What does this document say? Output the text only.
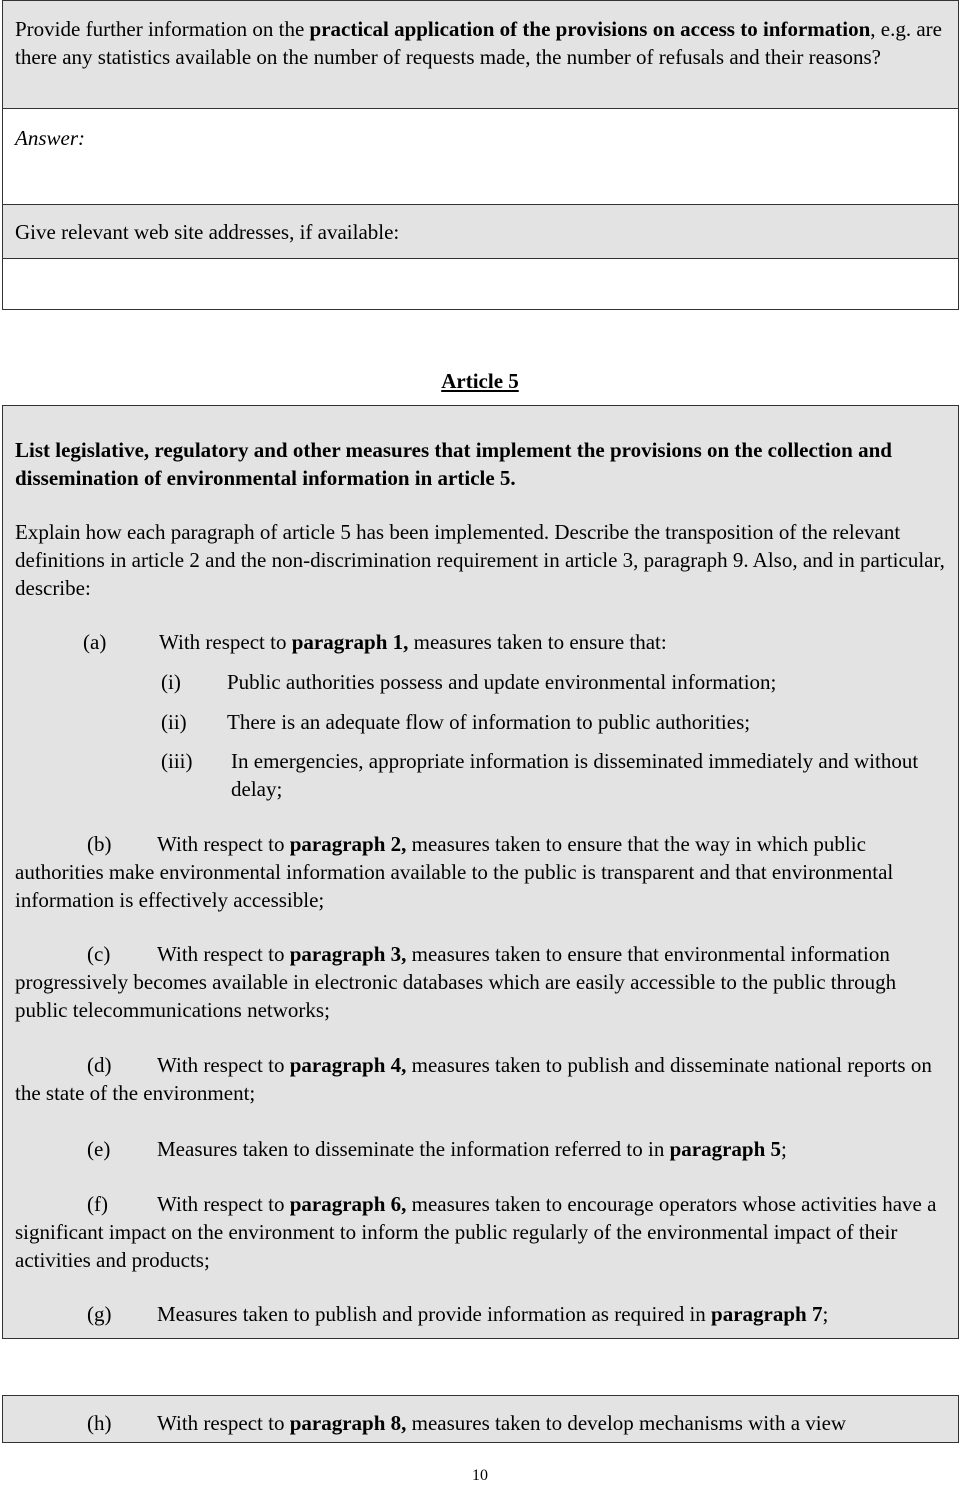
Provide further information on the practical application of the provisions on access to information, e.g. are there any statistics available on the number of requests made, the number of refusals and their reasons?

Answer:
Give relevant web site addresses, if available:
Article 5

List legislative, regulatory and other measures that implement the provisions on the collection and dissemination of environmental information in article 5.

Explain how each paragraph of article 5 has been implemented. Describe the transposition of the relevant definitions in article 2 and the non-discrimination requirement in article 3, paragraph 9. Also, and in particular, describe:

(a)	With respect to paragraph 1, measures taken to ensure that:

(i) Public authorities possess and update environmental information;

(ii) There is an adequate flow of information to public authorities;

(iii) In emergencies, appropriate information is disseminated immediately and without delay;

(b) With respect to paragraph 2, measures taken to ensure that the way in which public authorities make environmental information available to the public is transparent and that environmental information is effectively accessible;

(c) With respect to paragraph 3, measures taken to ensure that environmental information progressively becomes available in electronic databases which are easily accessible to the public through public telecommunications networks;

(d) With respect to paragraph 4, measures taken to publish and disseminate national reports on the state of the environment;

(e) Measures taken to disseminate the information referred to in paragraph 5;

(f) With respect to paragraph 6, measures taken to encourage operators whose activities have a significant impact on the environment to inform the public regularly of the environmental impact of their activities and products;

(g) Measures taken to publish and provide information as required in paragraph 7;

(h) With respect to paragraph 8, measures taken to develop mechanisms with a view

10
